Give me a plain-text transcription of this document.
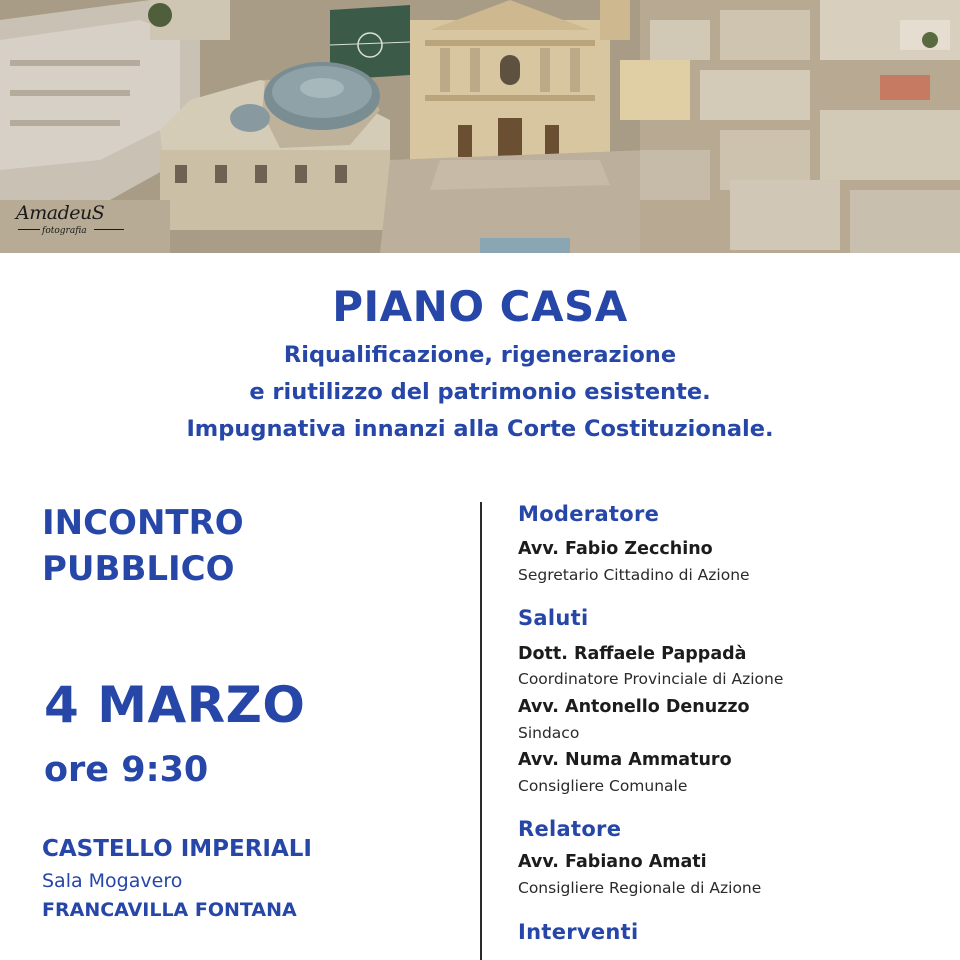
AmadeuS
fotografia
PIANO CASA
Riqualificazione, rigenerazione
e riutilizzo del patrimonio esistente.
Impugnativa innanzi alla Corte Costituzionale.
INCONTRO
PUBBLICO
4 MARZO
ore 9:30
CASTELLO IMPERIALI
Sala Mogavero
FRANCAVILLA FONTANA
Moderatore
Avv. Fabio Zecchino
Segretario Cittadino di Azione
Saluti
Dott. Raffaele Pappadà
Coordinatore Provinciale di Azione
Avv. Antonello Denuzzo
Sindaco
Avv. Numa Ammaturo
Consigliere Comunale
Relatore
Avv. Fabiano Amati
Consigliere Regionale di Azione
Interventi
